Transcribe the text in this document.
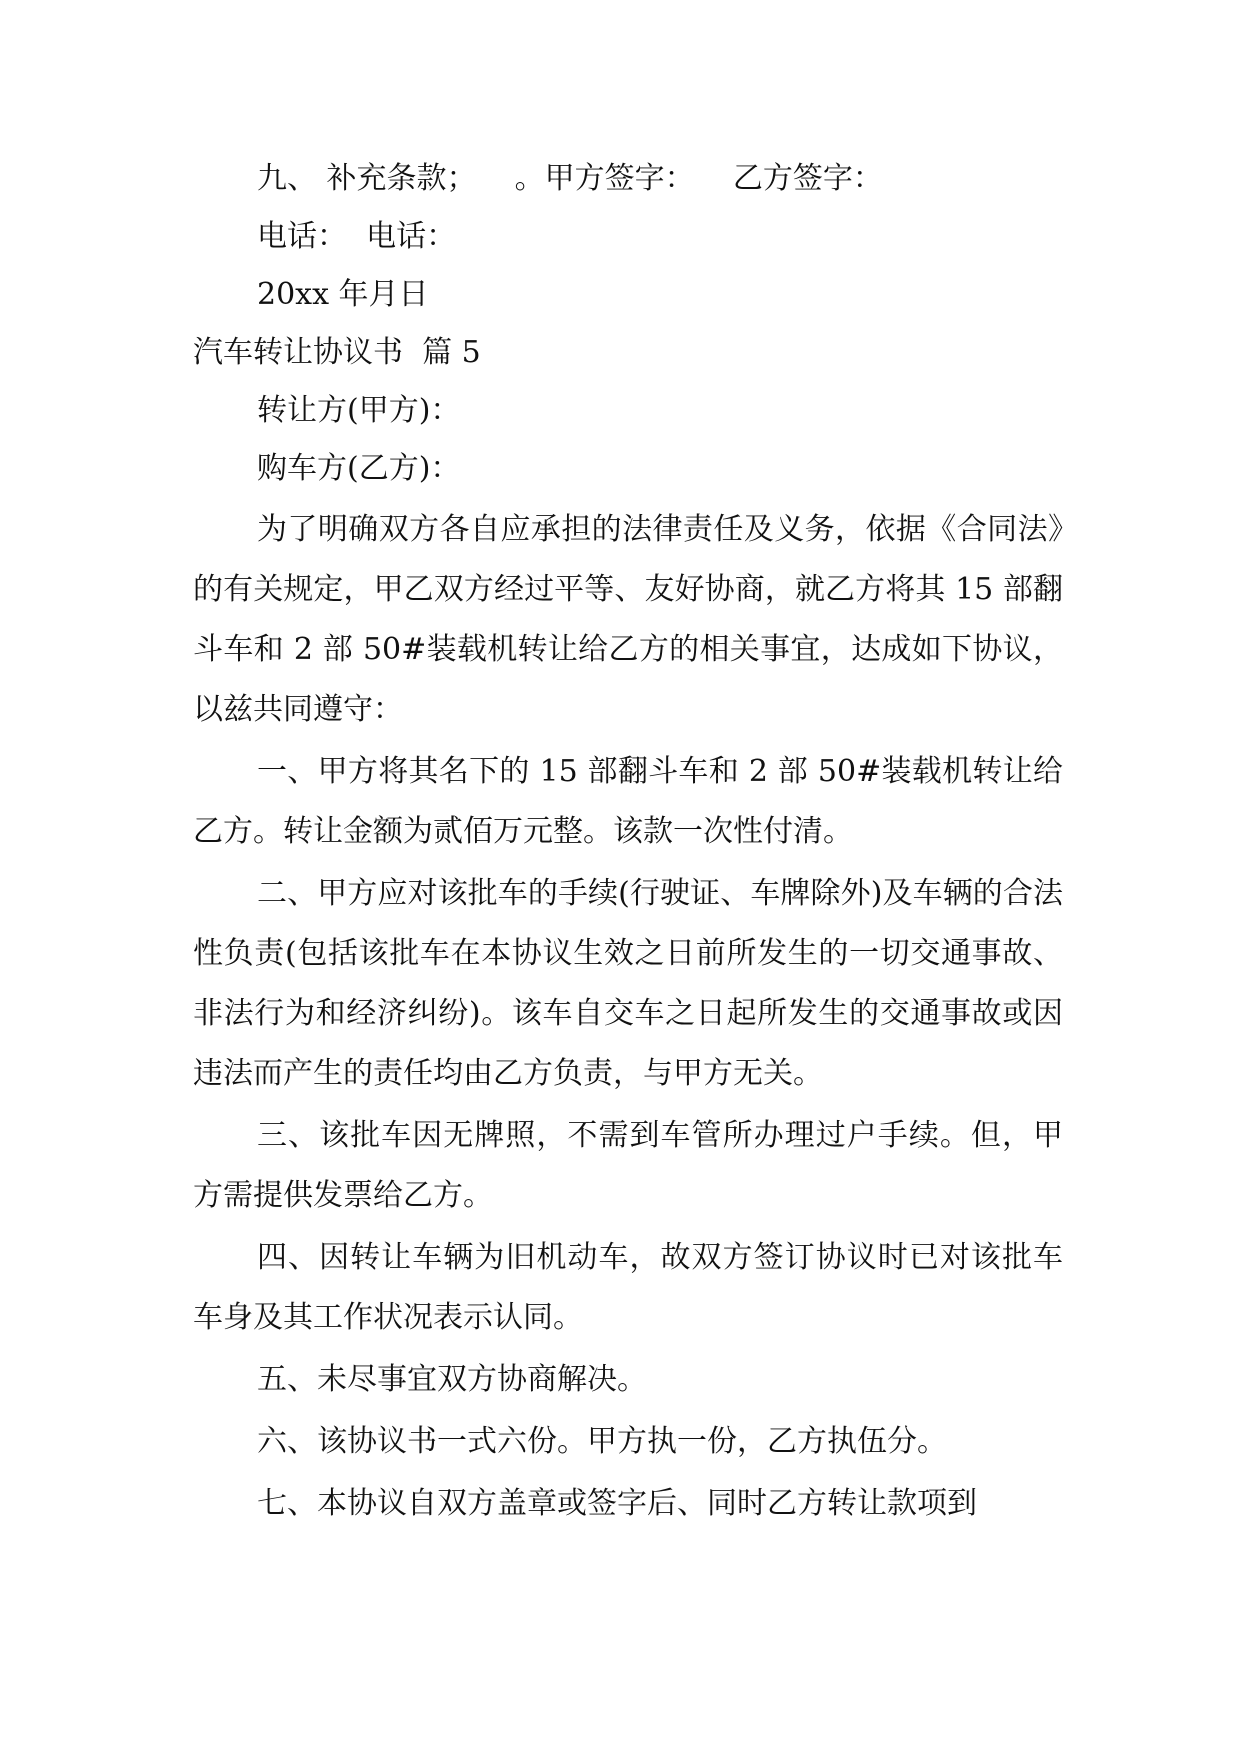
九、 补充条款；    。甲方签字：    乙方签字：
电话：  电话：
20xx 年月日
汽车转让协议书  篇 5
转让方(甲方)：
购车方(乙方)：

为了明确双方各自应承担的法律责任及义务，依据《合同法》的有关规定，甲乙双方经过平等、友好协商，就乙方将其 15 部翻斗车和 2 部 50#装载机转让给乙方的相关事宜，达成如下协议，以兹共同遵守：

一、甲方将其名下的 15 部翻斗车和 2 部 50#装载机转让给乙方。转让金额为贰佰万元整。该款一次性付清。

二、甲方应对该批车的手续(行驶证、车牌除外)及车辆的合法性负责(包括该批车在本协议生效之日前所发生的一切交通事故、非法行为和经济纠纷)。该车自交车之日起所发生的交通事故或因违法而产生的责任均由乙方负责，与甲方无关。

三、该批车因无牌照，不需到车管所办理过户手续。但，甲方需提供发票给乙方。

四、因转让车辆为旧机动车，故双方签订协议时已对该批车车身及其工作状况表示认同。

五、未尽事宜双方协商解决。

六、该协议书一式六份。甲方执一份，乙方执伍分。

七、本协议自双方盖章或签字后、同时乙方转让款项到
